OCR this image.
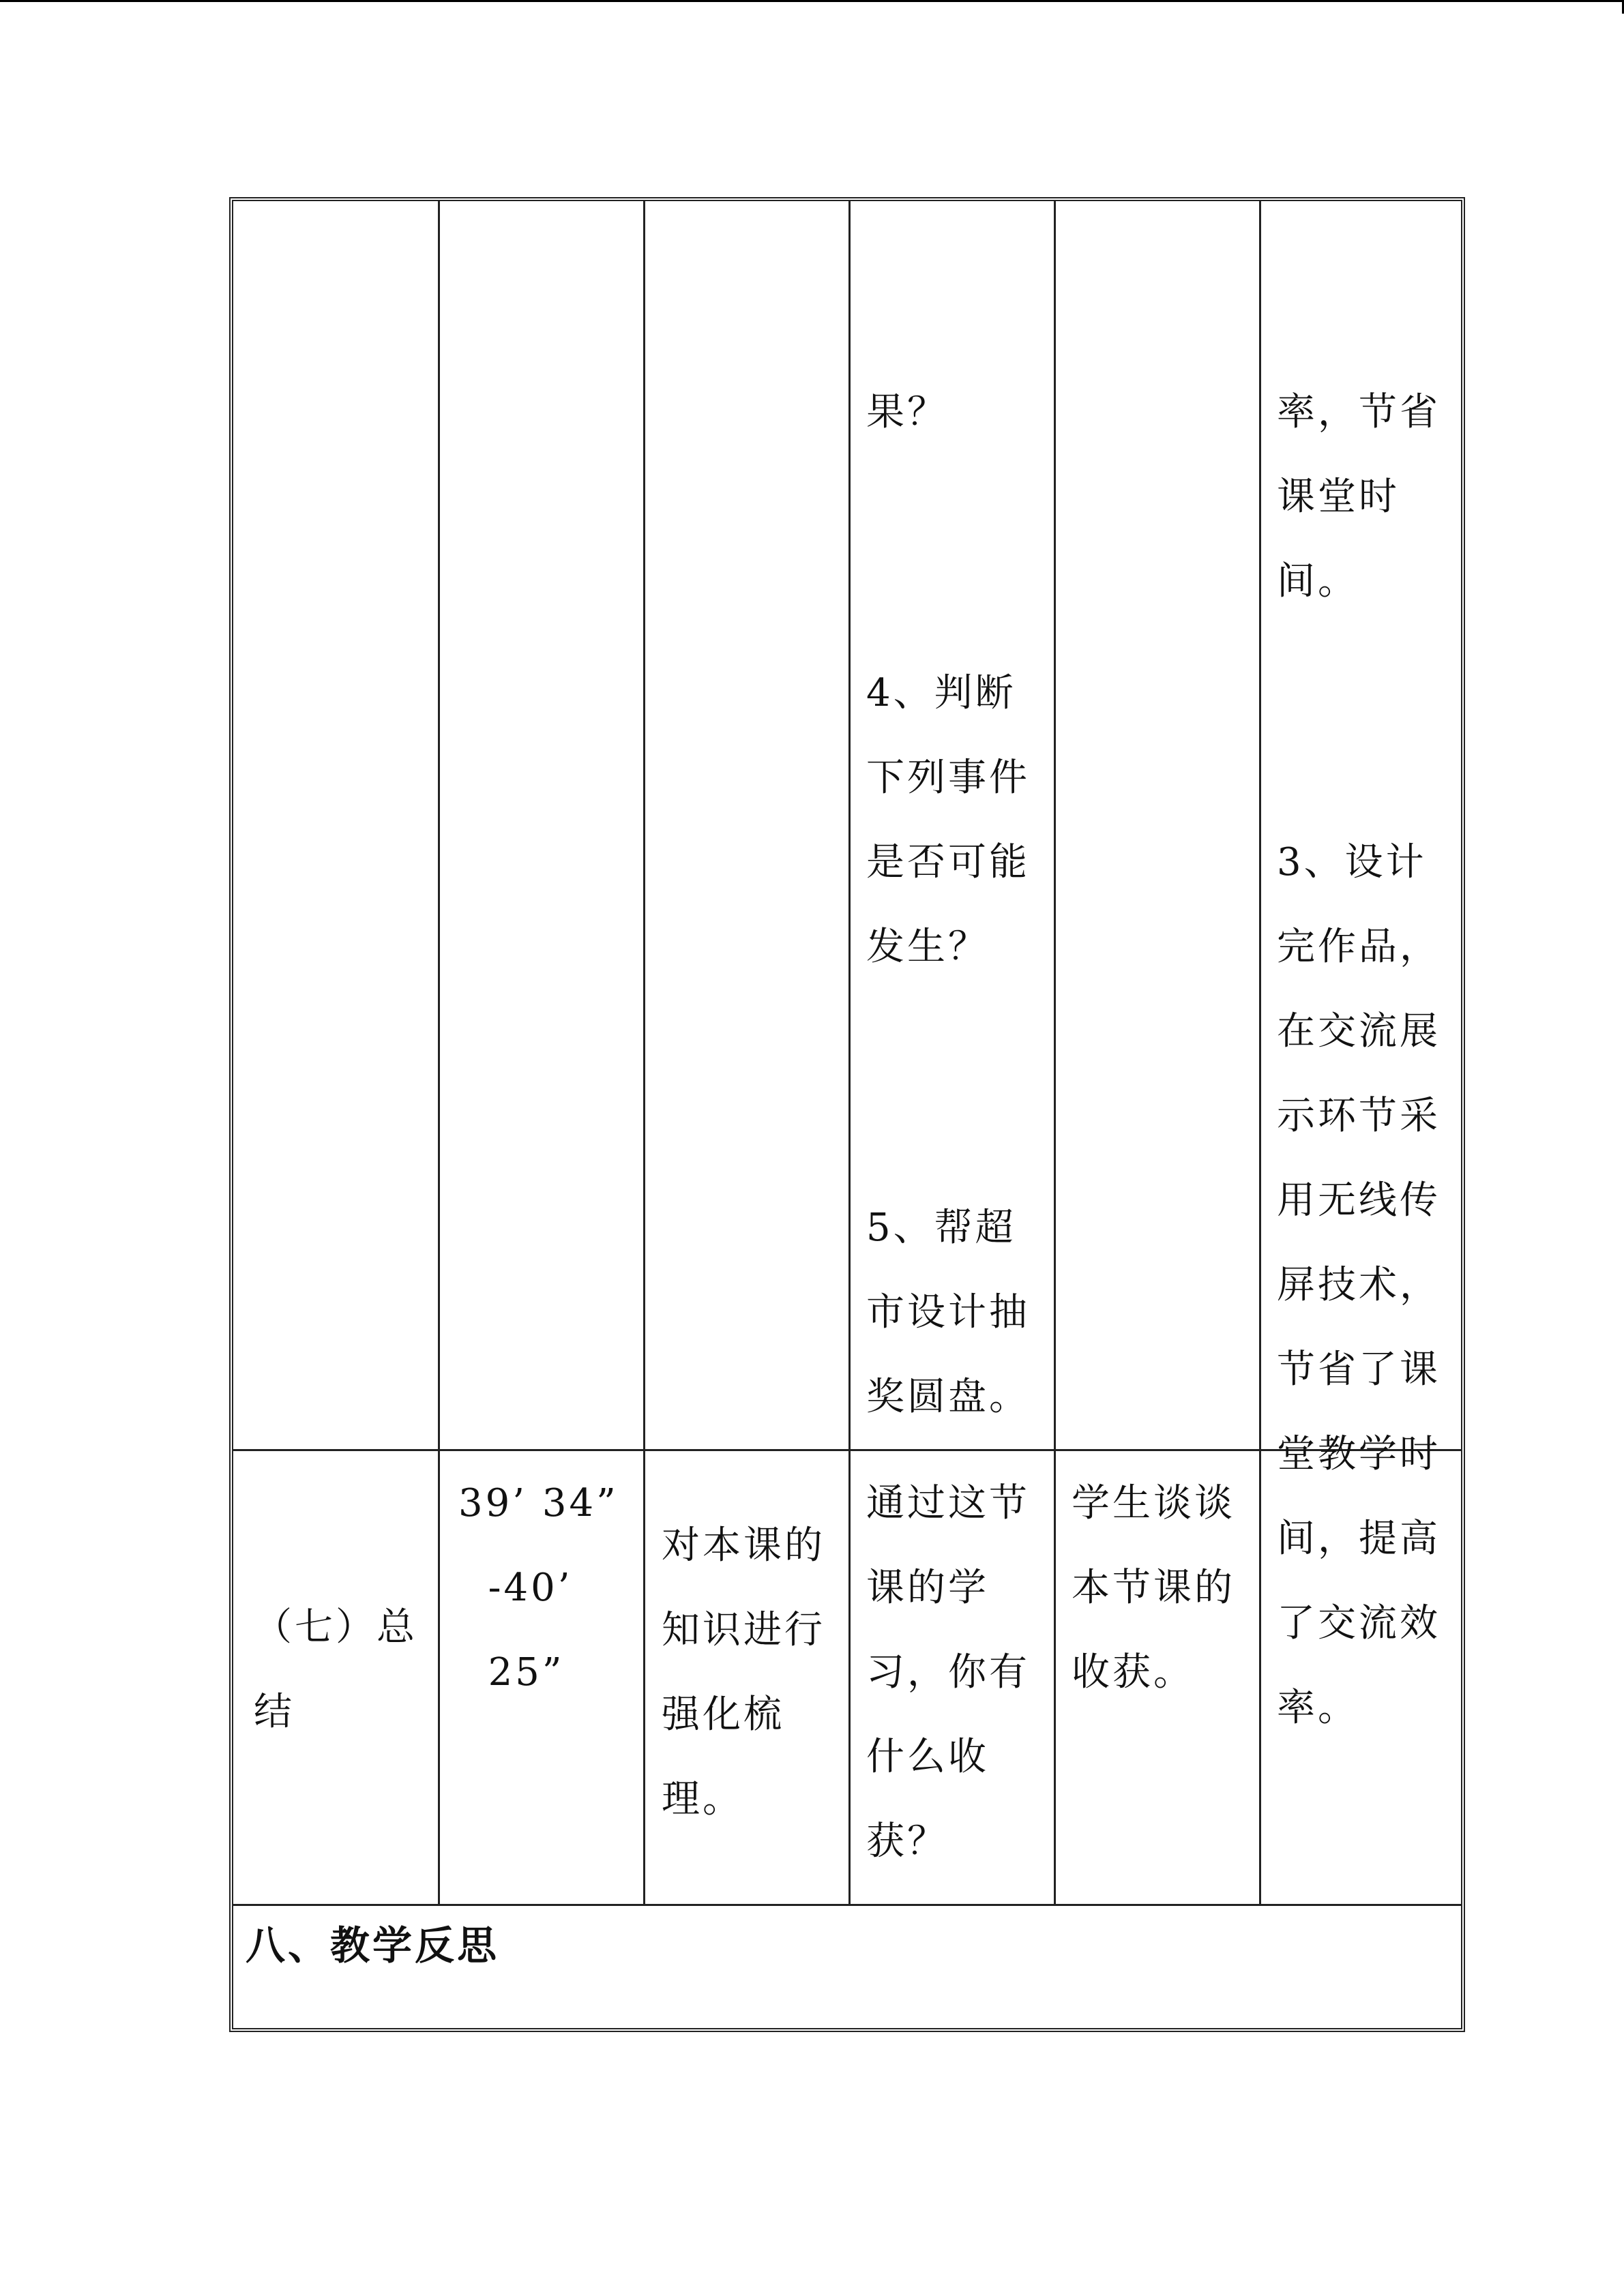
果？

4、判断
下列事件
是否可能
发生？

5、帮超
市设计抽
奖圆盘。

率，节省
课堂时
间。

3、设计
完作品，
在交流展
示环节采
用无线传
屏技术，
节省了课
堂教学时
间，提高
了交流效
率。

（七）总
结
39’ 34”
-40’
25”
对本课的
知识进行
强化梳
理。
通过这节
课的学
习，你有
什么收
获？
学生谈谈
本节课的
收获。
八、教学反思
